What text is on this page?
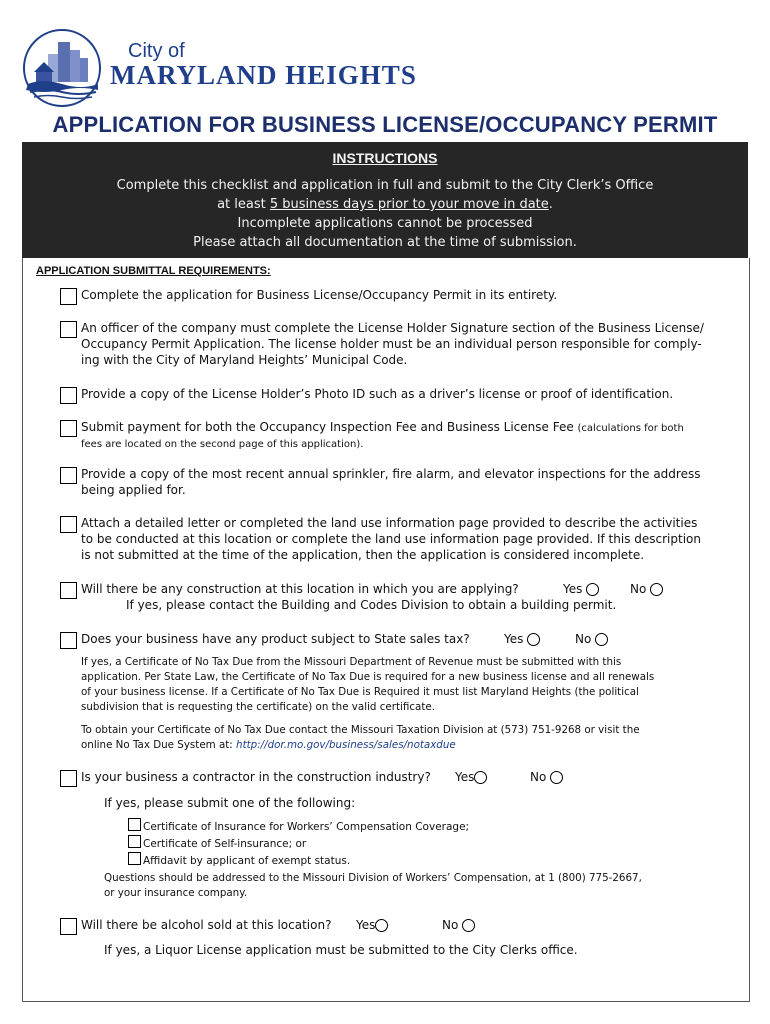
City of
MARYLAND HEIGHTS
APPLICATION FOR BUSINESS LICENSE/OCCUPANCY PERMIT
INSTRUCTIONS
Complete this checklist and application in full and submit to the City Clerk’s Office
at least 5 business days prior to your move in date.
Incomplete applications cannot be processed
Please attach all documentation at the time of submission.
APPLICATION SUBMITTAL REQUIREMENTS:
Complete the application for Business License/Occupancy Permit in its entirety.
An officer of the company must complete the License Holder Signature section of the Business License/
Occupancy Permit Application. The license holder must be an individual person responsible for comply-
ing with the City of Maryland Heights’ Municipal Code.
Provide a copy of the License Holder’s Photo ID such as a driver’s license or proof of identification.
Submit payment for both the Occupancy Inspection Fee and Business License Fee (calculations for both
fees are located on the second page of this application).
Provide a copy of the most recent annual sprinkler, fire alarm, and elevator inspections for the address
being applied for.
Attach a detailed letter or completed the land use information page provided to describe the activities
to be conducted at this location or complete the land use information page provided. If this description
is not submitted at the time of the application, then the application is considered incomplete.
Will there be any construction at this location in which you are applying?	Yes	No
If yes, please contact the Building and Codes Division to obtain a building permit.
Does your business have any product subject to State sales tax?	Yes	No
If yes, a Certificate of No Tax Due from the Missouri Department of Revenue must be submitted with this
application. Per State Law, the Certificate of No Tax Due is required for a new business license and all renewals
of your business license. If a Certificate of No Tax Due is Required it must list Maryland Heights (the political
subdivision that is requesting the certificate) on the valid certificate.
To obtain your Certificate of No Tax Due contact the Missouri Taxation Division at (573) 751-9268 or visit the
online No Tax Due System at: http://dor.mo.gov/business/sales/notaxdue
Is your business a contractor in the construction industry?	Yes	No
If yes, please submit one of the following:
Certificate of Insurance for Workers’ Compensation Coverage;
Certificate of Self-insurance; or
Affidavit by applicant of exempt status.
Questions should be addressed to the Missouri Division of Workers’ Compensation, at 1 (800) 775-2667,
or your insurance company.
Will there be alcohol sold at this location?	Yes	No
If yes, a Liquor License application must be submitted to the City Clerks office.
